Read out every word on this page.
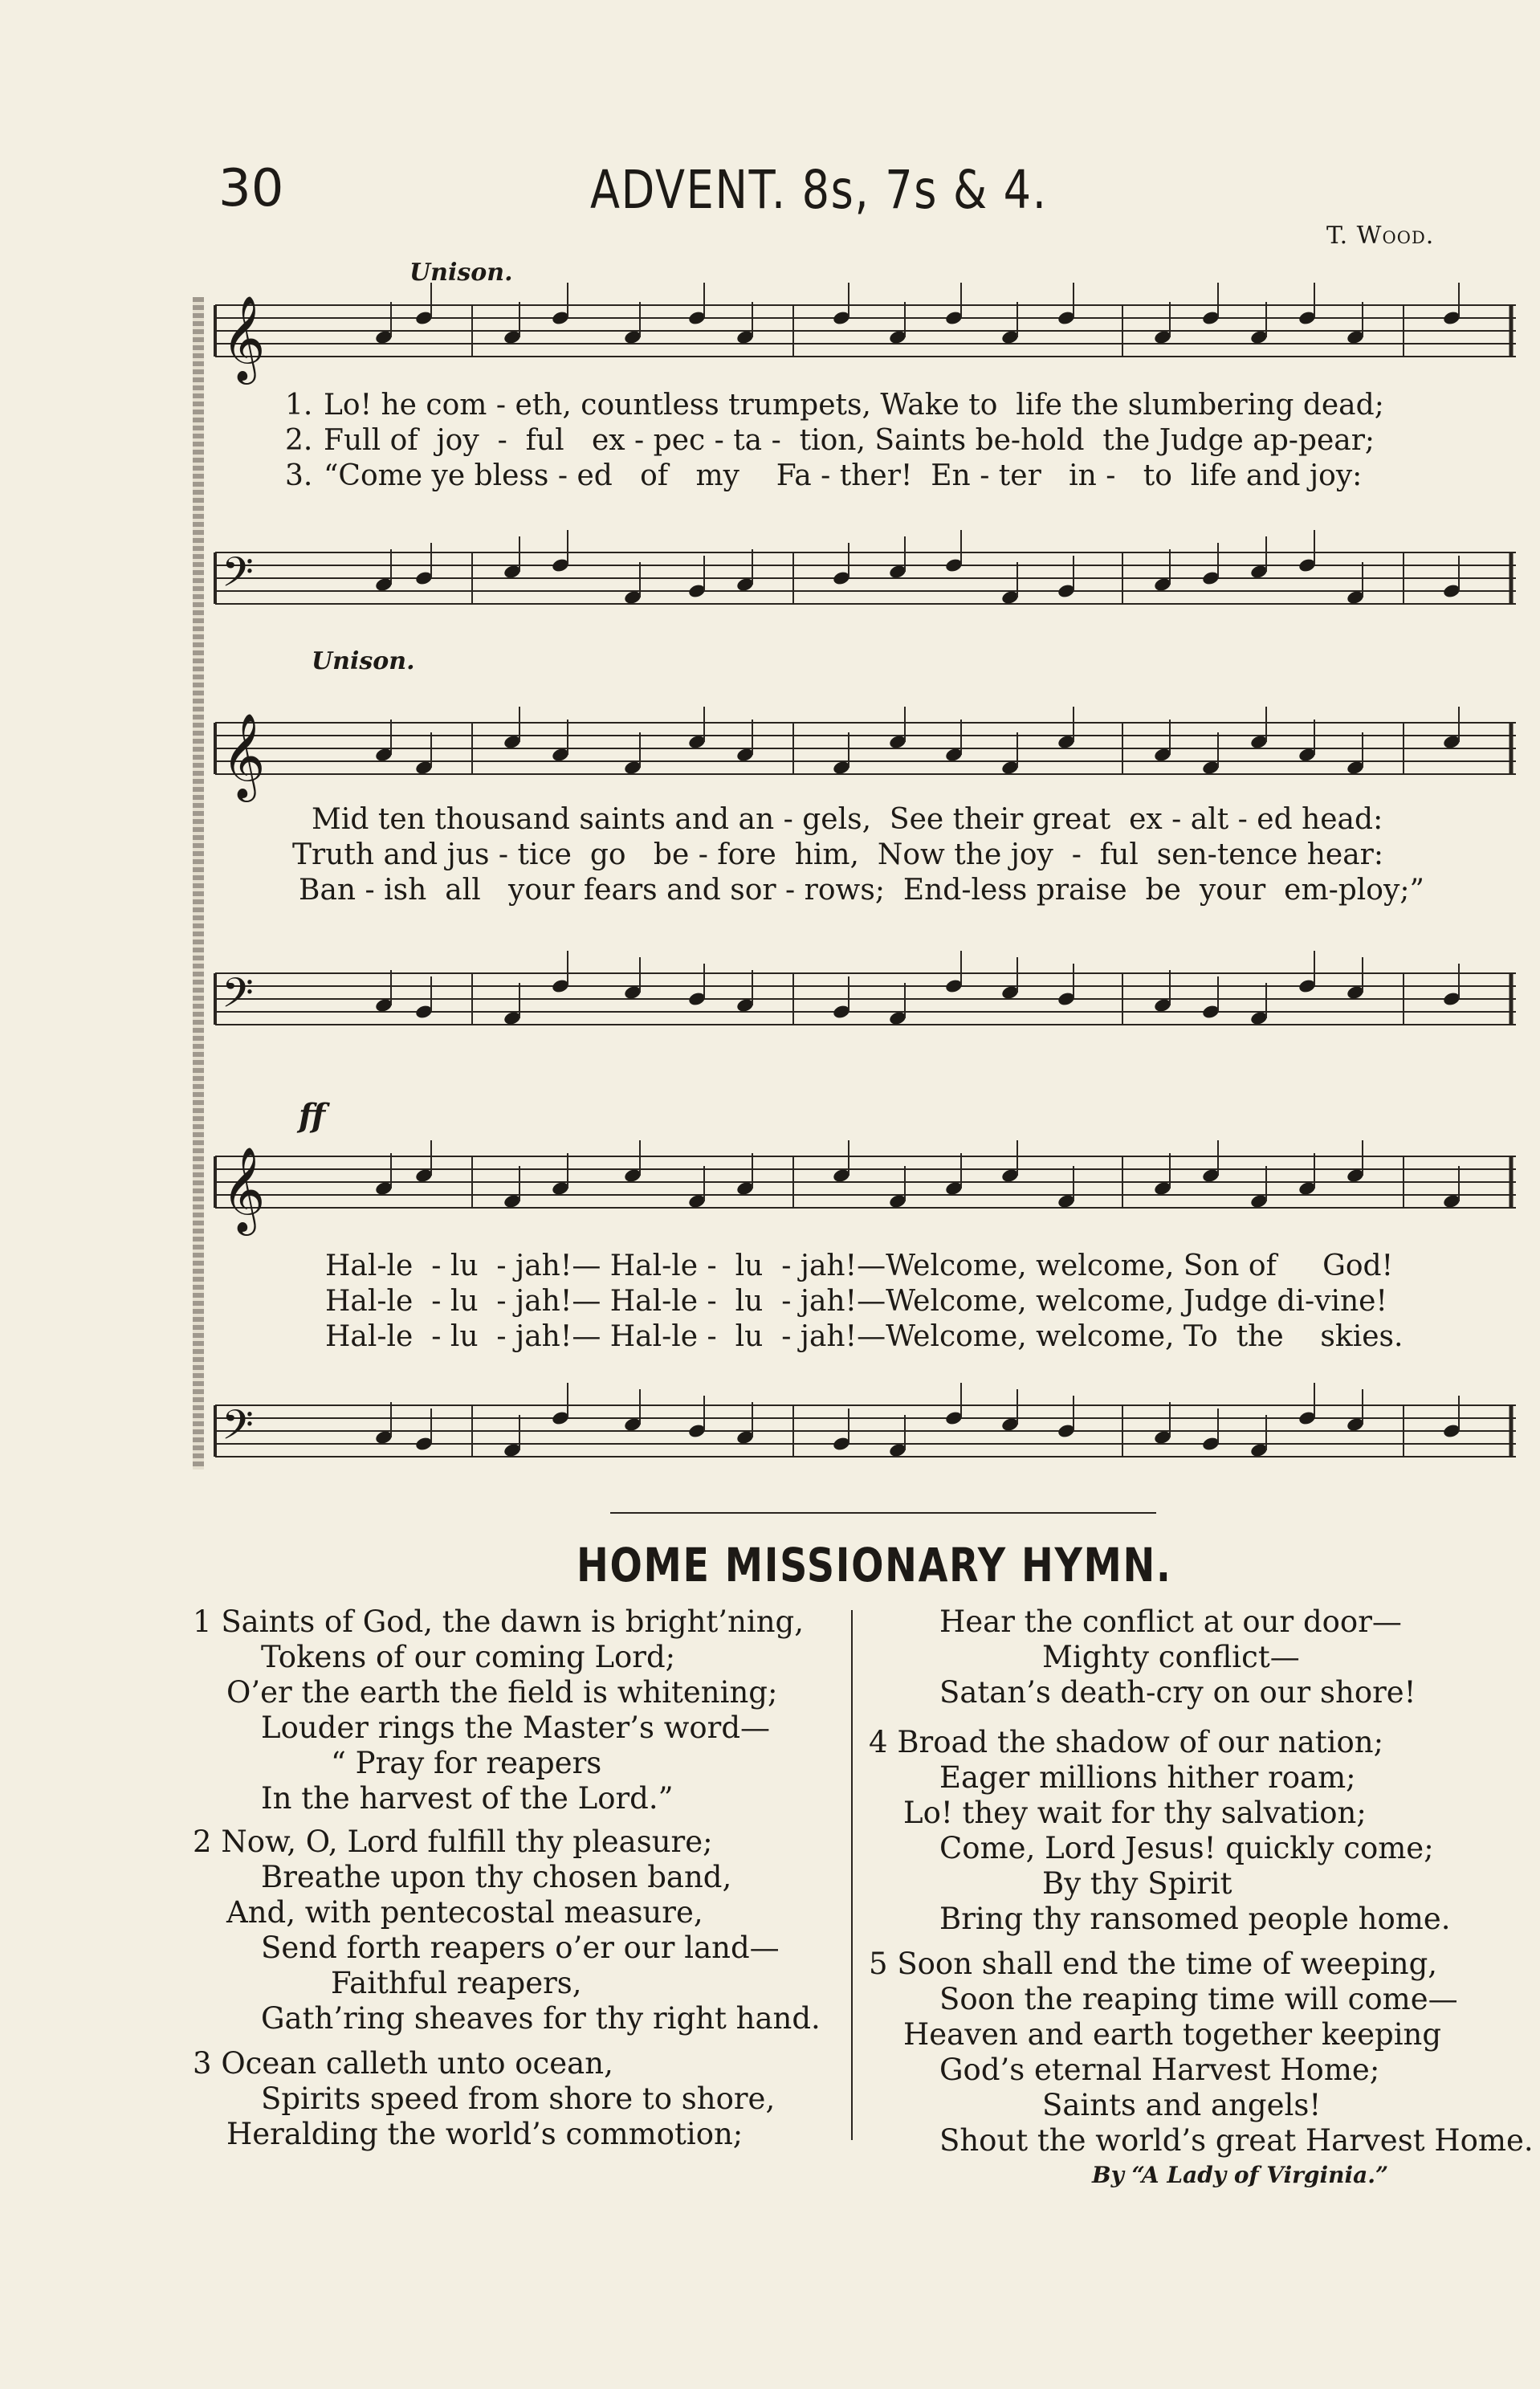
30	ADVENT. 8s, 7s & 4.
T. Wood.
Unison.
𝄞
1. Lo! he com - eth, countless trumpets, Wake to  life the slumbering dead;
2. Full of  joy  -  ful   ex - pec - ta -  tion, Saints be-hold  the Judge ap-pear;
3. “Come ye bless - ed   of   my    Fa - ther!  En - ter   in -   to  life and joy:
𝄢
Unison.
𝄞
Mid ten thousand saints and an - gels,  See their great  ex - alt - ed head:
Truth and jus - tice  go   be - fore  him,  Now the joy  -  ful  sen-tence hear:
Ban - ish  all   your fears and sor - rows;  End-less praise  be  your  em-ploy;”
𝄢
ff
𝄞
Hal-le  - lu  - jah!— Hal-le -  lu  - jah!—Welcome, welcome, Son of     God!
Hal-le  - lu  - jah!— Hal-le -  lu  - jah!—Welcome, welcome, Judge di-vine!
Hal-le  - lu  - jah!— Hal-le -  lu  - jah!—Welcome, welcome, To  the    skies.
𝄢
HOME MISSIONARY HYMN.
1 Saints of God, the dawn is bright’ning,
Tokens of our coming Lord;
O’er the earth the field is whitening;
Louder rings the Master’s word—
“ Pray for reapers
In the harvest of the Lord.”
2 Now, O, Lord fulfill thy pleasure;
Breathe upon thy chosen band,
And, with pentecostal measure,
Send forth reapers o’er our land—
Faithful reapers,
Gath’ring sheaves for thy right hand.
3 Ocean calleth unto ocean,
Spirits speed from shore to shore,
Heralding the world’s commotion;
Hear the conflict at our door—
Mighty conflict—
Satan’s death-cry on our shore!
4 Broad the shadow of our nation;
Eager millions hither roam;
Lo! they wait for thy salvation;
Come, Lord Jesus! quickly come;
By thy Spirit
Bring thy ransomed people home.
5 Soon shall end the time of weeping,
Soon the reaping time will come—
Heaven and earth together keeping
God’s eternal Harvest Home;
Saints and angels!
Shout the world’s great Harvest Home.
By “A Lady of Virginia.”
